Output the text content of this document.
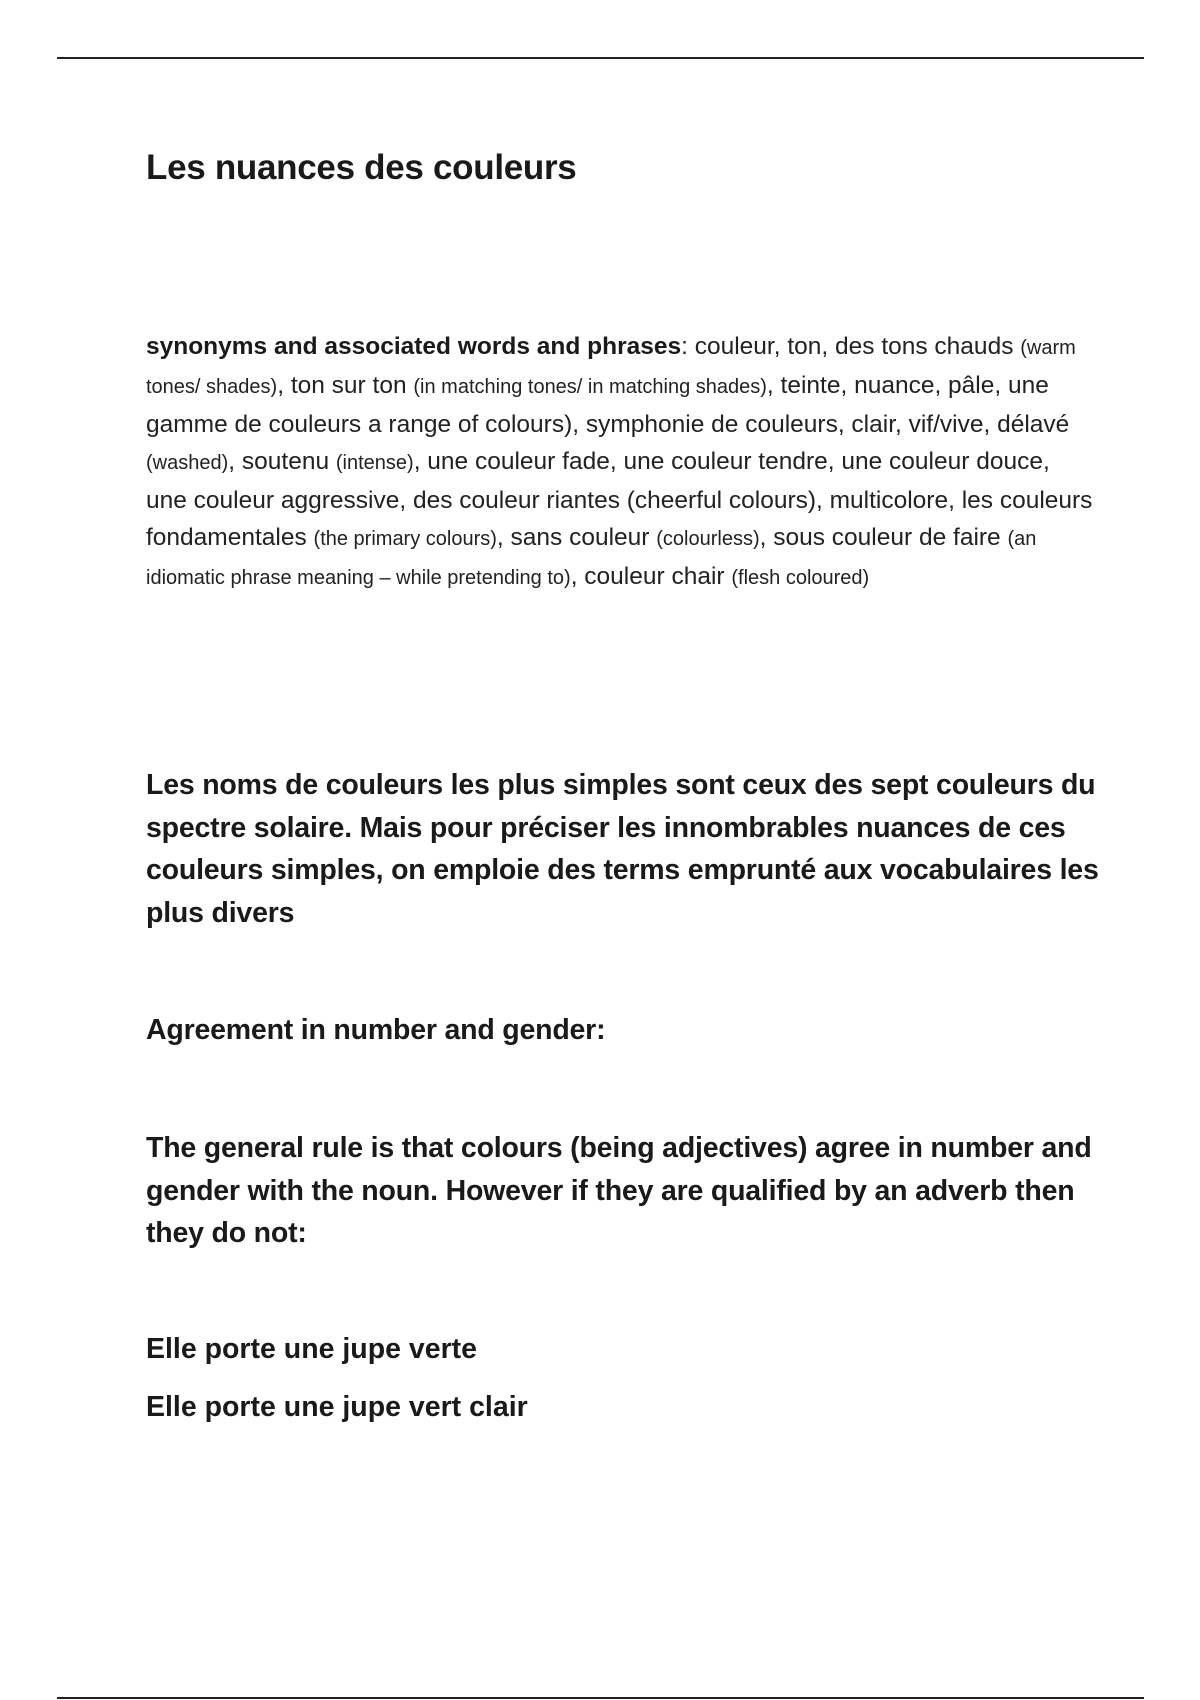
Les nuances des couleurs

synonyms and associated words and phrases: couleur, ton, des tons chauds (warm tones/ shades), ton sur ton (in matching tones/ in matching shades), teinte, nuance, pâle, une gamme de couleurs a range of colours), symphonie de couleurs, clair, vif/vive, délavé (washed), soutenu (intense), une couleur fade, une couleur tendre, une couleur douce, une couleur aggressive, des couleur riantes (cheerful colours), multicolore, les couleurs fondamentales (the primary colours), sans couleur (colourless), sous couleur de faire (an idiomatic phrase meaning – while pretending to), couleur chair (flesh coloured)

Les noms de couleurs les plus simples sont ceux des sept couleurs du spectre solaire. Mais pour préciser les innombrables nuances de ces couleurs simples, on emploie des terms emprunté aux vocabulaires les plus divers

Agreement in number and gender:

The general rule is that colours (being adjectives) agree in number and gender with the noun. However if they are qualified by an adverb then they do not:

Elle porte une jupe verte

Elle porte une jupe vert clair
